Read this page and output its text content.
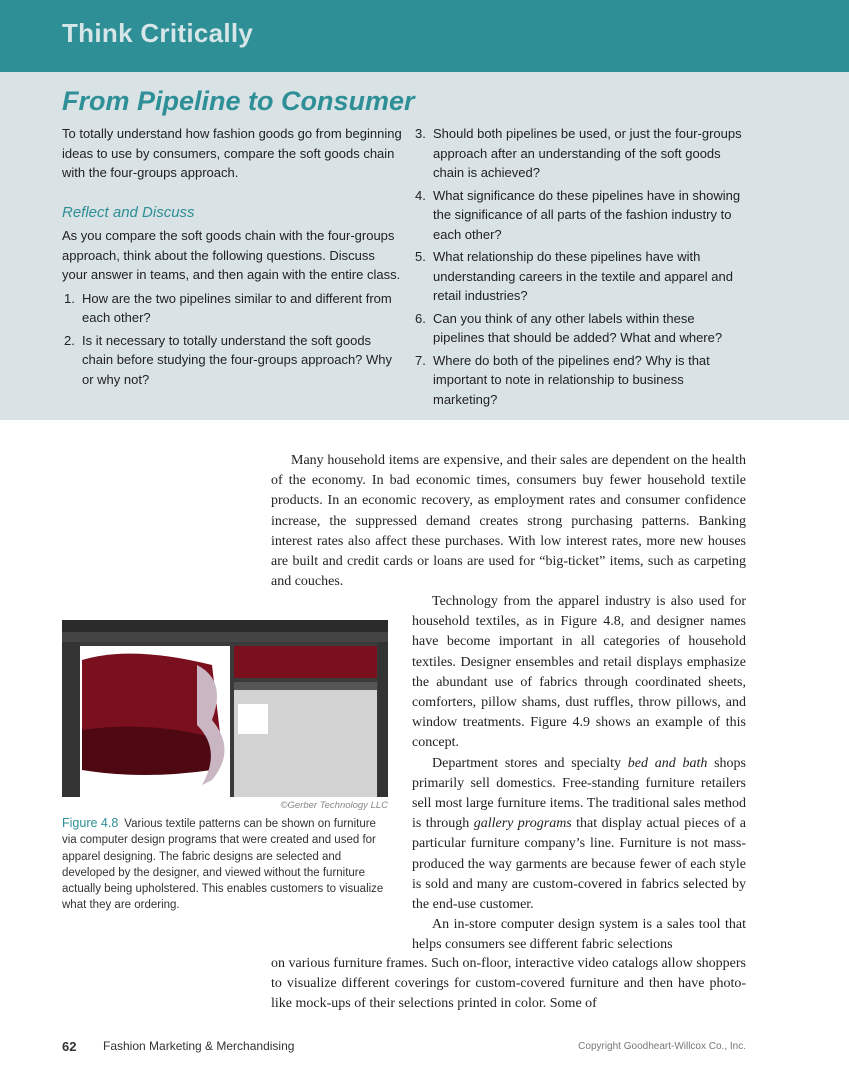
Think Critically
From Pipeline to Consumer
To totally understand how fashion goods go from beginning ideas to use by consumers, compare the soft goods chain with the four-groups approach.
Reflect and Discuss
As you compare the soft goods chain with the four-groups approach, think about the following questions. Discuss your answer in teams, and then again with the entire class.
1. How are the two pipelines similar to and different from each other?
2. Is it necessary to totally understand the soft goods chain before studying the four-groups approach? Why or why not?
3. Should both pipelines be used, or just the four-groups approach after an understanding of the soft goods chain is achieved?
4. What significance do these pipelines have in showing the significance of all parts of the fashion industry to each other?
5. What relationship do these pipelines have with understanding careers in the textile and apparel and retail industries?
6. Can you think of any other labels within these pipelines that should be added? What and where?
7. Where do both of the pipelines end? Why is that important to note in relationship to business marketing?

Many household items are expensive, and their sales are dependent on the health of the economy. In bad economic times, consumers buy fewer household textile products. In an economic recovery, as employment rates and consumer confidence increase, the suppressed demand creates strong purchasing patterns. Banking interest rates also affect these purchases. With low interest rates, more new houses are built and credit cards or loans are used for “big-ticket” items, such as carpeting and couches.

Technology from the apparel industry is also used for household textiles, as in Figure 4.8, and designer names have become important in all categories of household textiles. Designer ensembles and retail displays emphasize the abundant use of fabrics through coordinated sheets, comforters, pillow shams, dust ruffles, throw pillows, and window treatments. Figure 4.9 shows an example of this concept.

Department stores and specialty bed and bath shops primarily sell domestics. Free-standing furniture retailers sell most large furniture items. The traditional sales method is through gallery programs that display actual pieces of a particular furniture company’s line. Furniture is not mass-produced the way garments are because fewer of each style is sold and many are custom-covered in fabrics selected by the end-use customer.

An in-store computer design system is a sales tool that helps consumers see different fabric selections

on various furniture frames. Such on-floor, interactive video catalogs allow shoppers to visualize different coverings for custom-covered furniture and then have photo-like mock-ups of their selections printed in color. Some of

©Gerber Technology LLC
Figure 4.8 Various textile patterns can be shown on furniture via computer design programs that were created and used for apparel designing. The fabric designs are selected and developed by the designer, and viewed without the furniture actually being upholstered. This enables customers to visualize what they are ordering.
62 Fashion Marketing & Merchandising	Copyright Goodheart-Willcox Co., Inc.
